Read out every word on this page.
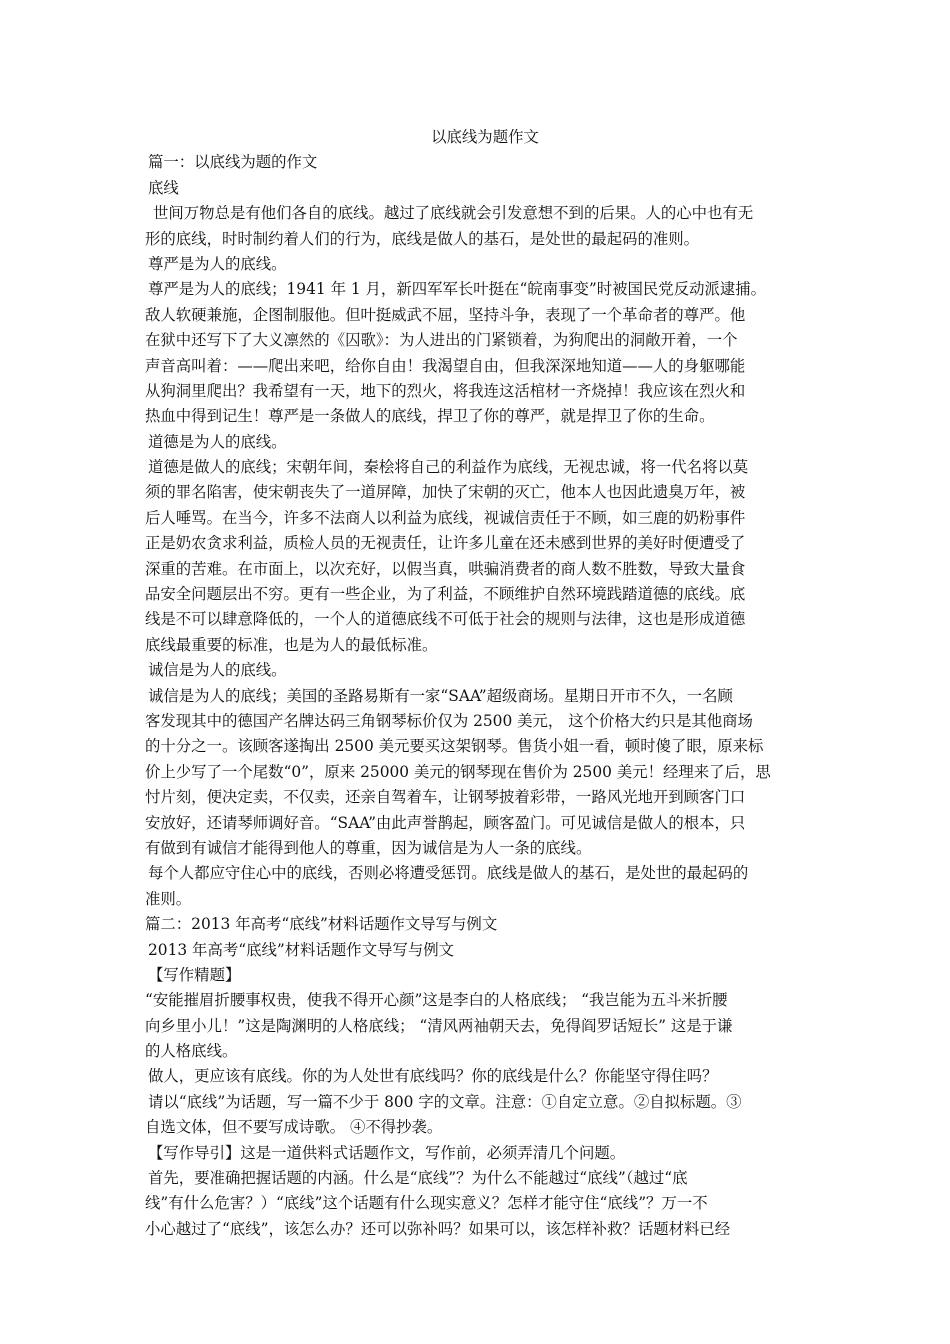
以底线为题作文
篇一：以底线为题的作文
底线
世间万物总是有他们各自的底线。越过了底线就会引发意想不到的后果。人的心中也有无
形的底线，时时制约着人们的行为，底线是做人的基石，是处世的最起码的准则。
尊严是为人的底线。
尊严是为人的底线；1941 年 1 月，新四军军长叶挺在“皖南事变”时被国民党反动派逮捕。
敌人软硬兼施，企图制服他。但叶挺威武不屈，坚持斗争，表现了一个革命者的尊严。他
在狱中还写下了大义凛然的《囚歌》：为人进出的门紧锁着，为狗爬出的洞敞开着，一个
声音高叫着：——爬出来吧，给你自由！我渴望自由，但我深深地知道——人的身躯哪能
从狗洞里爬出？我希望有一天，地下的烈火，将我连这活棺材一齐烧掉！我应该在烈火和
热血中得到记生！尊严是一条做人的底线，捍卫了你的尊严，就是捍卫了你的生命。
道德是为人的底线。
道德是做人的底线；宋朝年间，秦桧将自己的利益作为底线，无视忠诚，将一代名将以莫
须的罪名陷害，使宋朝丧失了一道屏障，加快了宋朝的灭亡，他本人也因此遗臭万年，被
后人唾骂。在当今，许多不法商人以利益为底线，视诚信责任于不顾，如三鹿的奶粉事件
正是奶农贪求利益，质检人员的无视责任，让许多儿童在还未感到世界的美好时便遭受了
深重的苦难。在市面上，以次充好，以假当真，哄骗消费者的商人数不胜数，导致大量食
品安全问题层出不穷。更有一些企业，为了利益，不顾维护自然环境践踏道德的底线。底
线是不可以肆意降低的，一个人的道德底线不可低于社会的规则与法律，这也是形成道德
底线最重要的标准，也是为人的最低标准。
诚信是为人的底线。
诚信是为人的底线；美国的圣路易斯有一家“SAA”超级商场。星期日开市不久，一名顾
客发现其中的德国产名牌达码三角钢琴标价仅为 2500 美元， 这个价格大约只是其他商场
的十分之一。该顾客遂掏出 2500 美元要买这架钢琴。售货小姐一看，顿时傻了眼，原来标
价上少写了一个尾数“0”，原来 25000 美元的钢琴现在售价为 2500 美元！经理来了后，思
忖片刻，便决定卖，不仅卖，还亲自驾着车，让钢琴披着彩带，一路风光地开到顾客门口
安放好，还请琴师调好音。“SAA”由此声誉鹊起，顾客盈门。可见诚信是做人的根本，只
有做到有诚信才能得到他人的尊重，因为诚信是为人一条的底线。
每个人都应守住心中的底线，否则必将遭受惩罚。底线是做人的基石，是处世的最起码的
准则。
篇二：2013 年高考“底线”材料话题作文导写与例文
2013 年高考“底线”材料话题作文导写与例文
【写作精题】
“安能摧眉折腰事权贵，使我不得开心颜”这是李白的人格底线； “我岂能为五斗米折腰
向乡里小儿！”这是陶渊明的人格底线； “清风两袖朝天去，免得阎罗话短长” 这是于谦
的人格底线。
做人，更应该有底线。你的为人处世有底线吗？你的底线是什么？你能坚守得住吗？
请以“底线”为话题，写一篇不少于 800 字的文章。注意：①自定立意。②自拟标题。③
自选文体，但不要写成诗歌。 ④不得抄袭。
【写作导引】这是一道供料式话题作文，写作前，必须弄清几个问题。
首先，要准确把握话题的内涵。什么是“底线”？为什么不能越过“底线”（越过“底
线”有什么危害？）“底线”这个话题有什么现实意义？怎样才能守住“底线”？万一不
小心越过了“底线”，该怎么办？还可以弥补吗？如果可以，该怎样补救？话题材料已经
